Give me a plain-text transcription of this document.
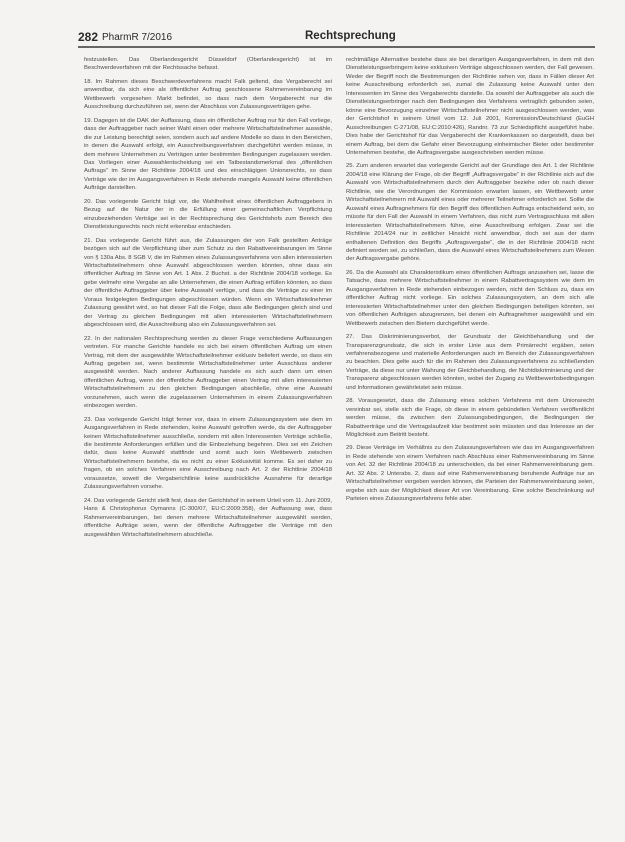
282 PharmR 7/2016	Rechtsprechung

festzustellen. Das Oberlandesgericht Düsseldorf (Oberlandesgericht) ist im Beschwerdeverfahren mit der Rechtssache befasst.

18. Im Rahmen dieses Beschwerdeverfahrens macht Falk geltend, das Vergaberecht sei anwendbar, da sich eine als öffentlicher Auftrag geschlossene Rahmenvereinbarung im Wettbewerb vorgesehen Markt befindet, so dass nach dem Vergaberecht nur die Ausschreibung durchzuführen sei, wenn der Abschluss von Zulassungsverträgen gehe.

19. Dagegen ist die DAK der Auffassung, dass ein öffentlicher Auftrag nur für den Fall vorliege, dass der Auftraggeber nach seiner Wahl einen oder mehrere Wirtschaftsteilnehmer auswähle, die zur Leistung berechtigt seien, sondern auch auf andere Modelle so dass in den Bereichen, in denen die Auswahl erfolgt, ein Ausschreibungsverfahren durchgeführt werden müsse, in dem mehrere Unternehmen zu Verträgen unter bestimmten Bedingungen zugelassen werden. Das Vorliegen einer Auswahlentscheidung sei ein Tatbestandsmerkmal des „öffentlichen Auftrags“ im Sinne der Richtlinie 2004/18 und des einschlägigen Unionsrechts, so dass Verträge wie der im Ausgangsverfahren in Rede stehende mangels Auswahl keine öffentlichen Aufträge darstellten.

20. Das vorlegende Gericht trägt vor, die Wahlfreiheit eines öffentlichen Auftraggebers in Bezug auf die Natur der in die Erfüllung einer gemeinschaftlichen Verpflichtung einzubeziehenden Verträge sei in der Rechtsprechung des Gerichtshofs zum Bereich des Dienstleistungsrechts noch nicht erkennbar entschieden.

21. Das vorlegende Gericht führt aus, die Zulassungen der von Falk gestellten Anträge bezögen sich auf die Verpflichtung über zum Schutz zu den Rabattvereinbarungen im Sinne von § 130a Abs. 8 SGB V, die im Rahmen eines Zulassungsverfahrens von allen interessierten Wirtschaftsteilnehmern ohne Auswahl abgeschlossen werden könnten, ohne dass ein öffentlicher Auftrag im Sinne von Art. 1 Abs. 2 Buchst. a der Richtlinie 2004/18 vorliege. Es gebe vielmehr eine Vergabe an alle Unternehmen, die einen Auftrag erfüllen könnten, so dass der öffentliche Auftraggeber über keine Auswahl verfüge, und dass die Verträge zu einer im Voraus festgelegten Bedingungen abgeschlossen würden. Wenn ein Wirtschaftsteilnehmer Zulassung gewährt wird, so hat dieser Fall die Folge, dass alle Bedingungen gleich sind und der Vertrag zu gleichen Bedingungen mit allen interessierten Wirtschaftsteilnehmern abgeschlossen wird, die Ausschreibung also ein Zulassungsverfahren sei.

22. In der nationalen Rechtsprechung werden zu dieser Frage verschiedene Auffassungen vertreten. Für manche Gerichte handele es sich bei einem öffentlichen Auftrag um einen Vertrag, mit dem der ausgewählte Wirtschaftsteilnehmer exklusiv beliefert werde, so dass ein Auftrag gegeben sei, wenn bestimmte Wirtschaftsteilnehmer unter Ausschluss anderer ausgewählt werden. Nach anderer Auffassung handele es sich auch dann um einen öffentlichen Auftrag, wenn der öffentliche Auftraggeber einen Vertrag mit allen interessierten Wirtschaftsteilnehmern zu den gleichen Bedingungen abschließe, ohne eine Auswahl vorzunehmen, auch wenn die zugelassenen Unternehmen in einem Zulassungsverfahren einbezogen werden.

23. Das vorlegende Gericht trägt ferner vor, dass in einem Zulassungssystem wie dem im Ausgangsverfahren in Rede stehenden, keine Auswahl getroffen werde, da der Auftraggeber keinen Wirtschaftsteilnehmer ausschließe, sondern mit allen Interessenten Verträge schließe, die bestimmte Anforderungen erfüllen und die Einbeziehung begehren. Dies sei ein Zeichen dafür, dass keine Auswahl stattfinde und somit auch kein Wettbewerb zwischen Wirtschaftsteilnehmern bestehe, da es nicht zu einer Exklusivität komme. Es sei daher zu fragen, ob ein solches Verfahren eine Ausschreibung nach Art. 2 der Richtlinie 2004/18 voraussetze, soweit die Vergaberichtlinie keine ausdrückliche Ausnahme für derartige Zulassungsverfahren vorsehe.

24. Das vorlegende Gericht stellt fest, dass der Gerichtshof in seinem Urteil vom 11. Juni 2009, Hans & Christophorus Oymanns (C-300/07, EU:C:2009:358), der Auffassung war, dass Rahmenvereinbarungen, bei denen mehrere Wirtschaftsteilnehmer ausgewählt werden, öffentliche Aufträge seien, wenn der öffentliche Auftraggeber die Verträge mit den ausgewählten Wirtschaftsteilnehmern abschließe.

rechtmäßige Alternative bestehe dass sie bei derartigen Ausgangsverfahren, in dem mit den Dienstleistungserbringern keine exklusiven Verträge abgeschlossen werden, der Fall gewesen. Weder der Begriff noch die Bestimmungen der Richtlinie sehen vor, dass in Fällen dieser Art keine Ausschreibung erforderlich sei, zumal die Zulassung keine Auswahl unter den Interessenten im Sinne des Vergaberechts darstelle. Da sowohl der Auftraggeber als auch die Dienstleistungserbringer nach den Bedingungen des Verfahrens vertraglich gebunden seien, könne eine Bevorzugung einzelner Wirtschaftsteilnehmer nicht ausgeschlossen werden, was der Gerichtshof in seinem Urteil vom 12. Juli 2001, Kommission/Deutschland (EuGH Ausschreibungen C-271/08, EU:C:2010:426), Randnr. 73 zur Schiedspflicht ausgeführt habe. Dies habe der Gerichtshof für das Vergaberecht der Krankenkassen so dargestellt, dass bei einem Auftrag, bei dem die Gefahr einer Bevorzugung einheimischer Bieter oder bestimmter Unternehmen bestehe, die Auftragsvergabe ausgeschrieben werden müsse.

25. Zum anderen erwartet das vorlegende Gericht auf der Grundlage des Art. 1 der Richtlinie 2004/18 eine Klärung der Frage, ob der Begriff „Auftragsvergabe“ in der Richtlinie sich auf die Auswahl von Wirtschaftsteilnehmern durch den Auftraggeber beziehe oder ob nach dieser Richtlinie, wie die Verordnungen der Kommission erwarten lassen, ein Wettbewerb unter Wirtschaftsteilnehmern mit Auswahl eines oder mehrerer Teilnehmer erforderlich sei. Sollte die Auswahl eines Auftragnehmers für den Begriff des öffentlichen Auftrags entscheidend sein, so müsste für den Fall der Auswahl in einem Verfahren, das nicht zum Vertragsschluss mit allen interessierten Wirtschaftsteilnehmern führe, eine Ausschreibung erfolgen. Zwar sei die Richtlinie 2014/24 nur in zeitlicher Hinsicht nicht anwendbar, doch sei aus der darin enthaltenen Definition des Begriffs „Auftragsvergabe“, die in der Richtlinie 2004/18 nicht definiert worden sei, zu schließen, dass die Auswahl eines Wirtschaftsteilnehmers zum Wesen der Auftragsvergabe gehöre.

26. Da die Auswahl als Charakteristikum eines öffentlichen Auftrags anzusehen sei, lasse die Tatsache, dass mehrere Wirtschaftsteilnehmer in einem Rabattvertragssystem wie dem im Ausgangsverfahren in Rede stehenden einbezogen werden, nicht den Schluss zu, dass ein öffentlicher Auftrag nicht vorliege. Ein solches Zulassungssystem, an dem sich alle interessierten Wirtschaftsteilnehmer unter den gleichen Bedingungen beteiligen könnten, sei von öffentlichen Aufträgen abzugrenzen, bei denen ein Auftragnehmer ausgewählt und ein Wettbewerb zwischen den Bietern durchgeführt werde.

27. Das Diskriminierungsverbot, der Grundsatz der Gleichbehandlung und der Transparenzgrundsatz, die sich in erster Linie aus dem Primärrecht ergäben, seien verfahrensbezogene und materielle Anforderungen auch im Bereich der Zulassungsverfahren zu beachten. Dies gelte auch für die im Rahmen des Zulassungsverfahrens zu schließenden Verträge, da diese nur unter Wahrung der Gleichbehandlung, der Nichtdiskriminierung und der Transparenz abgeschlossen werden könnten, wobei der Zugang zu Wettbewerbsbedingungen und Informationen gewährleistet sein müsse.

28. Vorausgesetzt, dass die Zulassung eines solchen Verfahrens mit dem Unionsrecht vereinbar sei, stelle sich die Frage, ob diese in einem gebündelten Verfahren veröffentlicht werden müsse, da zwischen den Zulassungsbedingungen, die Bedingungen der Rabattverträge und die Vertragslaufzeit klar bestimmt sein müssten und das Interesse an der Möglichkeit zum Beitritt besteht.

29. Diese Verträge im Verhältnis zu den Zulassungsverfahren wie das im Ausgangsverfahren in Rede stehende von einem Verfahren nach Abschluss einer Rahmenvereinbarung im Sinne von Art. 32 der Richtlinie 2004/18 zu unterscheiden, da bei einer Rahmenvereinbarung gem. Art. 32 Abs. 2 Unterabs. 2, dass auf eine Rahmenvereinbarung beruhende Aufträge nur an Wirtschaftsteilnehmer vergeben werden können, die Parteien der Rahmenvereinbarung seien, ergebe sich aus der Möglichkeit dieser Art von Vereinbarung. Eine solche Beschränkung auf Parteien eines Zulassungsverfahrens fehle aber.
